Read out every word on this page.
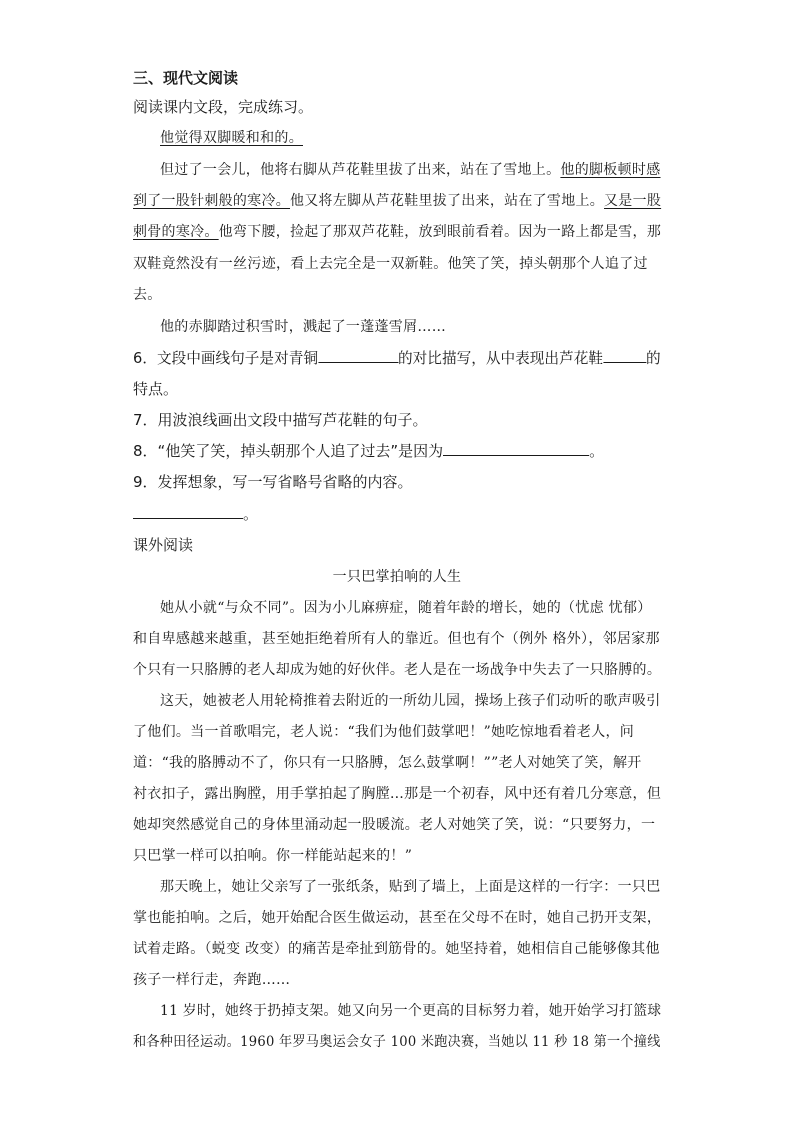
三、现代文阅读
阅读课内文段，完成练习。
他觉得双脚暖和和的。
但过了一会儿，他将右脚从芦花鞋里拔了出来，站在了雪地上。他的脚板顿时感
到了一股针刺般的寒冷。他又将左脚从芦花鞋里拔了出来，站在了雪地上。又是一股
刺骨的寒冷。他弯下腰，捡起了那双芦花鞋，放到眼前看着。因为一路上都是雪，那
双鞋竟然没有一丝污迹，看上去完全是一双新鞋。他笑了笑，掉头朝那个人追了过
去。
他的赤脚踏过积雪时，溅起了一蓬蓬雪屑……
6．文段中画线句子是对青铜	的对比描写，从中表现出芦花鞋	的
特点。
7．用波浪线画出文段中描写芦花鞋的句子。
8．“他笑了笑，掉头朝那个人追了过去”是因为	。
9．发挥想象，写一写省略号省略的内容。
。
课外阅读
一只巴掌拍响的人生
她从小就“与众不同”。因为小儿麻痹症，随着年龄的增长，她的（忧虑 忧郁）
和自卑感越来越重，甚至她拒绝着所有人的靠近。但也有个（例外 格外），邻居家那
个只有一只胳膊的老人却成为她的好伙伴。老人是在一场战争中失去了一只胳膊的。
这天，她被老人用轮椅推着去附近的一所幼儿园，操场上孩子们动听的歌声吸引
了他们。当一首歌唱完，老人说：“我们为他们鼓掌吧！”她吃惊地看着老人，问
道：“我的胳膊动不了，你只有一只胳膊，怎么鼓掌啊！””老人对她笑了笑，解开
衬衣扣子，露出胸膛，用手掌拍起了胸膛…那是一个初春，风中还有着几分寒意，但
她却突然感觉自己的身体里涌动起一股暖流。老人对她笑了笑，说：“只要努力，一
只巴掌一样可以拍响。你一样能站起来的！”
那天晚上，她让父亲写了一张纸条，贴到了墙上，上面是这样的一行字：一只巴
掌也能拍响。之后，她开始配合医生做运动，甚至在父母不在时，她自己扔开支架，
试着走路。（蜕变 改变）的痛苦是牵扯到筋骨的。她坚持着，她相信自己能够像其他
孩子一样行走，奔跑……
11 岁时，她终于扔掉支架。她又向另一个更高的目标努力着，她开始学习打篮球
和各种田径运动。1960 年罗马奥运会女子 100 米跑决赛，当她以 11 秒 18 第一个撞线
